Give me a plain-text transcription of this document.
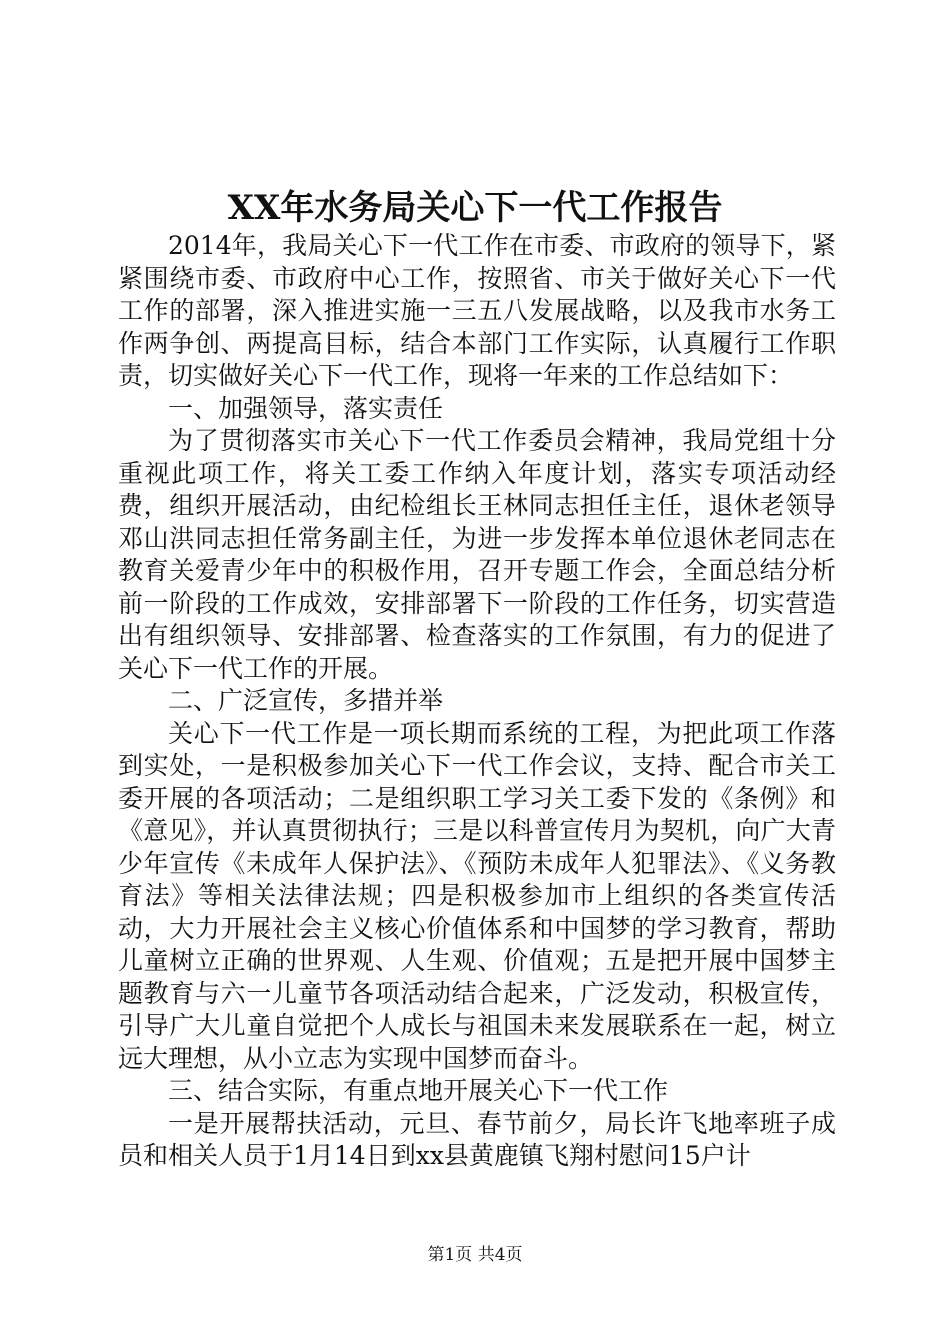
XX年水务局关心下一代工作报告

2014年，我局关心下一代工作在市委、市政府的领导下，紧紧围绕市委、市政府中心工作，按照省、市关于做好关心下一代工作的部署，深入推进实施一三五八发展战略，以及我市水务工作两争创、两提高目标，结合本部门工作实际，认真履行工作职责，切实做好关心下一代工作，现将一年来的工作总结如下：

一、加强领导，落实责任

为了贯彻落实市关心下一代工作委员会精神，我局党组十分重视此项工作，将关工委工作纳入年度计划，落实专项活动经费，组织开展活动，由纪检组长王林同志担任主任，退休老领导邓山洪同志担任常务副主任，为进一步发挥本单位退休老同志在教育关爱青少年中的积极作用，召开专题工作会，全面总结分析前一阶段的工作成效，安排部署下一阶段的工作任务，切实营造出有组织领导、安排部署、检查落实的工作氛围，有力的促进了关心下一代工作的开展。

二、广泛宣传，多措并举

关心下一代工作是一项长期而系统的工程，为把此项工作落到实处，一是积极参加关心下一代工作会议，支持、配合市关工委开展的各项活动；二是组织职工学习关工委下发的《条例》和《意见》，并认真贯彻执行；三是以科普宣传月为契机，向广大青少年宣传《未成年人保护法》、《预防未成年人犯罪法》、《义务教育法》等相关法律法规；四是积极参加市上组织的各类宣传活动，大力开展社会主义核心价值体系和中国梦的学习教育，帮助儿童树立正确的世界观、人生观、价值观；五是把开展中国梦主题教育与六一儿童节各项活动结合起来，广泛发动，积极宣传，引导广大儿童自觉把个人成长与祖国未来发展联系在一起，树立远大理想，从小立志为实现中国梦而奋斗。

三、结合实际，有重点地开展关心下一代工作

一是开展帮扶活动，元旦、春节前夕，局长许飞地率班子成员和相关人员于1月14日到xx县黄鹿镇飞翔村慰问15户计

第1页 共4页
